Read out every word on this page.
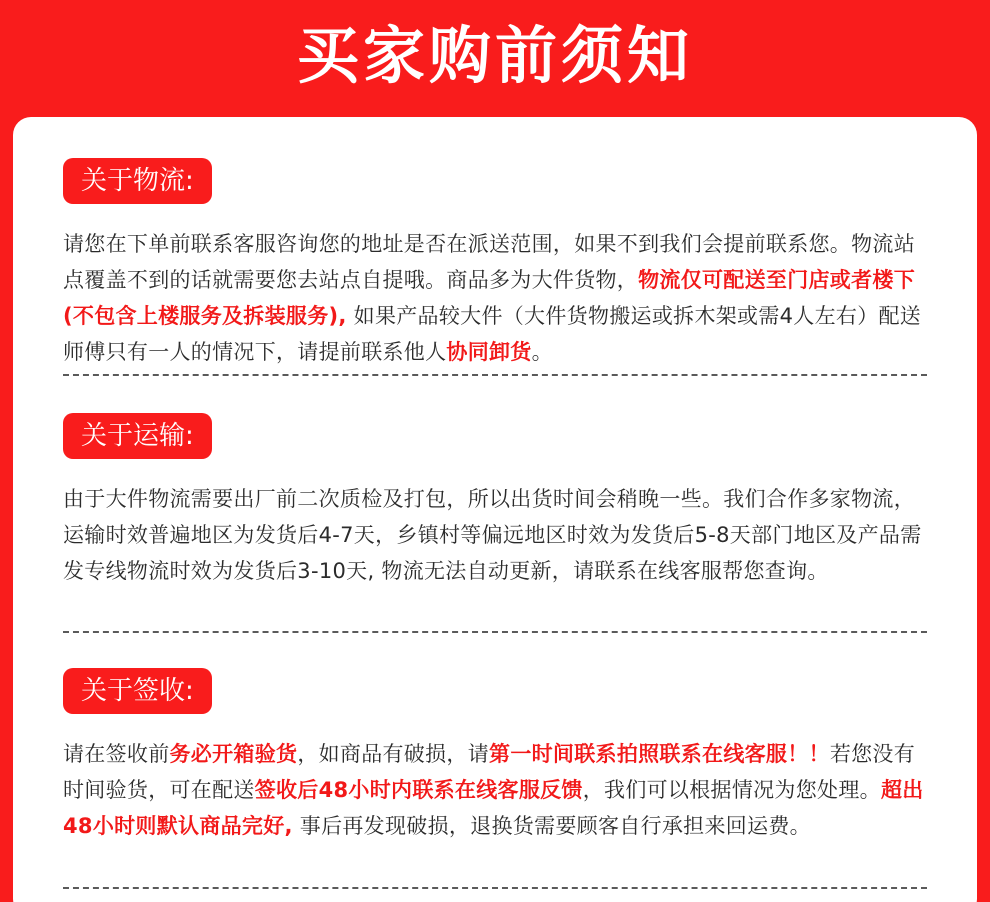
买家购前须知
关于物流:
请您在下单前联系客服咨询您的地址是否在派送范围，如果不到我们会提前联系您。物流站点覆盖不到的话就需要您去站点自提哦。商品多为大件货物，物流仅可配送至门店或者楼下(不包含上楼服务及拆装服务), 如果产品较大件（大件货物搬运或拆木架或需4人左右）配送师傅只有一人的情况下，请提前联系他人协同卸货。
关于运输:
由于大件物流需要出厂前二次质检及打包，所以出货时间会稍晚一些。我们合作多家物流，运输时效普遍地区为发货后4-7天，乡镇村等偏远地区时效为发货后5-8天部门地区及产品需发专线物流时效为发货后3-10天, 物流无法自动更新，请联系在线客服帮您查询。
关于签收:
请在签收前务必开箱验货，如商品有破损，请第一时间联系拍照联系在线客服！！若您没有时间验货，可在配送签收后48小时内联系在线客服反馈，我们可以根据情况为您处理。超出48小时则默认商品完好, 事后再发现破损，退换货需要顾客自行承担来回运费。
